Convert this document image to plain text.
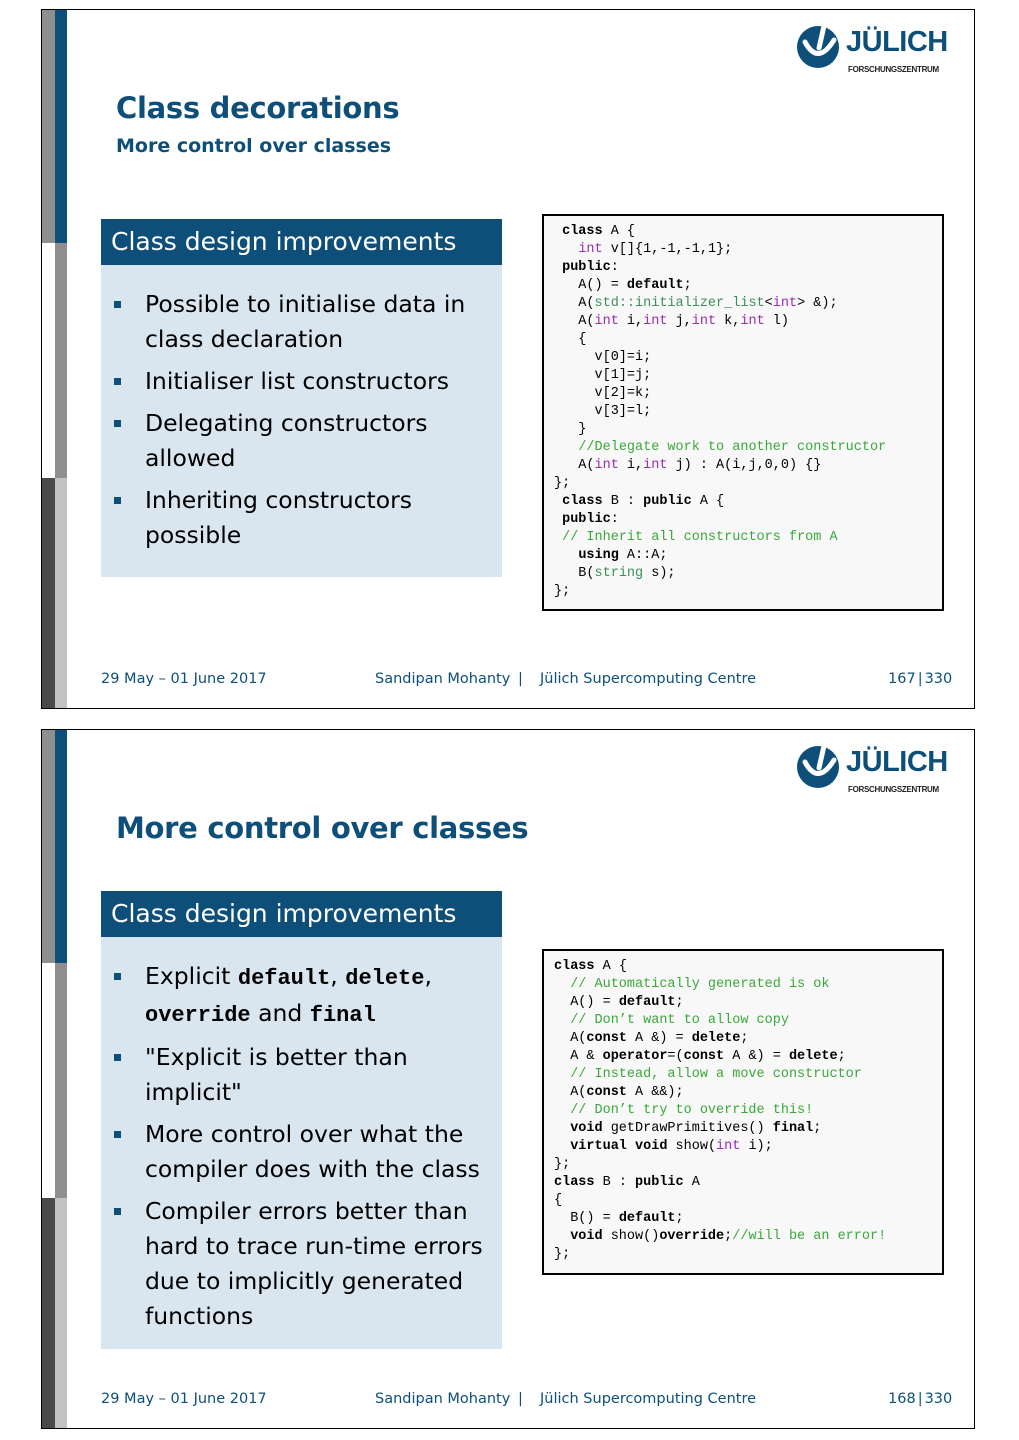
JÜLICH
FORSCHUNGSZENTRUM
Class decorations
More control over classes
Class design improvements
Possible to initialise data in class declaration
Initialiser list constructors
Delegating constructors allowed
Inheriting constructors possible
class A {
int v[]{1,-1,-1,1};
public:
A() = default;
A(std::initializer_list<int> &);
A(int i,int j,int k,int l)
{
v[0]=i;
v[1]=j;
v[2]=k;
v[3]=l;
}
//Delegate work to another constructor
A(int i,int j) : A(i,j,0,0) {}
};
class B : public A {
public:
// Inherit all constructors from A
using A::A;
B(string s);
};
29 May – 01 June 2017	Sandipan Mohanty | Jülich Supercomputing Centre	167 | 330
JÜLICH
FORSCHUNGSZENTRUM
More control over classes
Class design improvements
Explicit default, delete, override and final
"Explicit is better than implicit"
More control over what the compiler does with the class
Compiler errors better than hard to trace run-time errors due to implicitly generated functions
class A {
// Automatically generated is ok
A() = default;
// Don’t want to allow copy
A(const A &) = delete;
A & operator=(const A &) = delete;
// Instead, allow a move constructor
A(const A &&);
// Don’t try to override this!
void getDrawPrimitives() final;
virtual void show(int i);
};
class B : public A
{
B() = default;
void show()override;//will be an error!
};
29 May – 01 June 2017	Sandipan Mohanty | Jülich Supercomputing Centre	168 | 330
